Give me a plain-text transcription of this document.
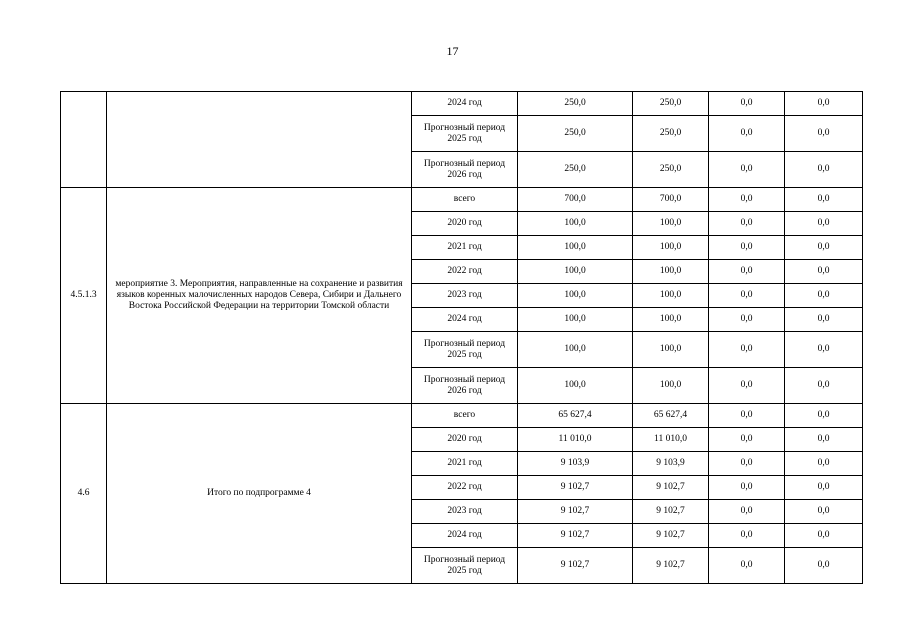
17
		2024 год	250,0	250,0	0,0	0,0
		Прогнозный период 2025 год	250,0	250,0	0,0	0,0
		Прогнозный период 2026 год	250,0	250,0	0,0	0,0
4.5.1.3	мероприятие 3. Мероприятия, направленные на сохранение и развития языков коренных малочисленных народов Севера, Сибири и Дальнего Востока Российской Федерации на территории Томской области	всего	700,0	700,0	0,0	0,0
		2020 год	100,0	100,0	0,0	0,0
		2021 год	100,0	100,0	0,0	0,0
		2022 год	100,0	100,0	0,0	0,0
		2023 год	100,0	100,0	0,0	0,0
		2024 год	100,0	100,0	0,0	0,0
		Прогнозный период 2025 год	100,0	100,0	0,0	0,0
		Прогнозный период 2026 год	100,0	100,0	0,0	0,0
4.6	Итого по подпрограмме 4	всего	65 627,4	65 627,4	0,0	0,0
		2020 год	11 010,0	11 010,0	0,0	0,0
		2021 год	9 103,9	9 103,9	0,0	0,0
		2022 год	9 102,7	9 102,7	0,0	0,0
		2023 год	9 102,7	9 102,7	0,0	0,0
		2024 год	9 102,7	9 102,7	0,0	0,0
		Прогнозный период 2025 год	9 102,7	9 102,7	0,0	0,0
